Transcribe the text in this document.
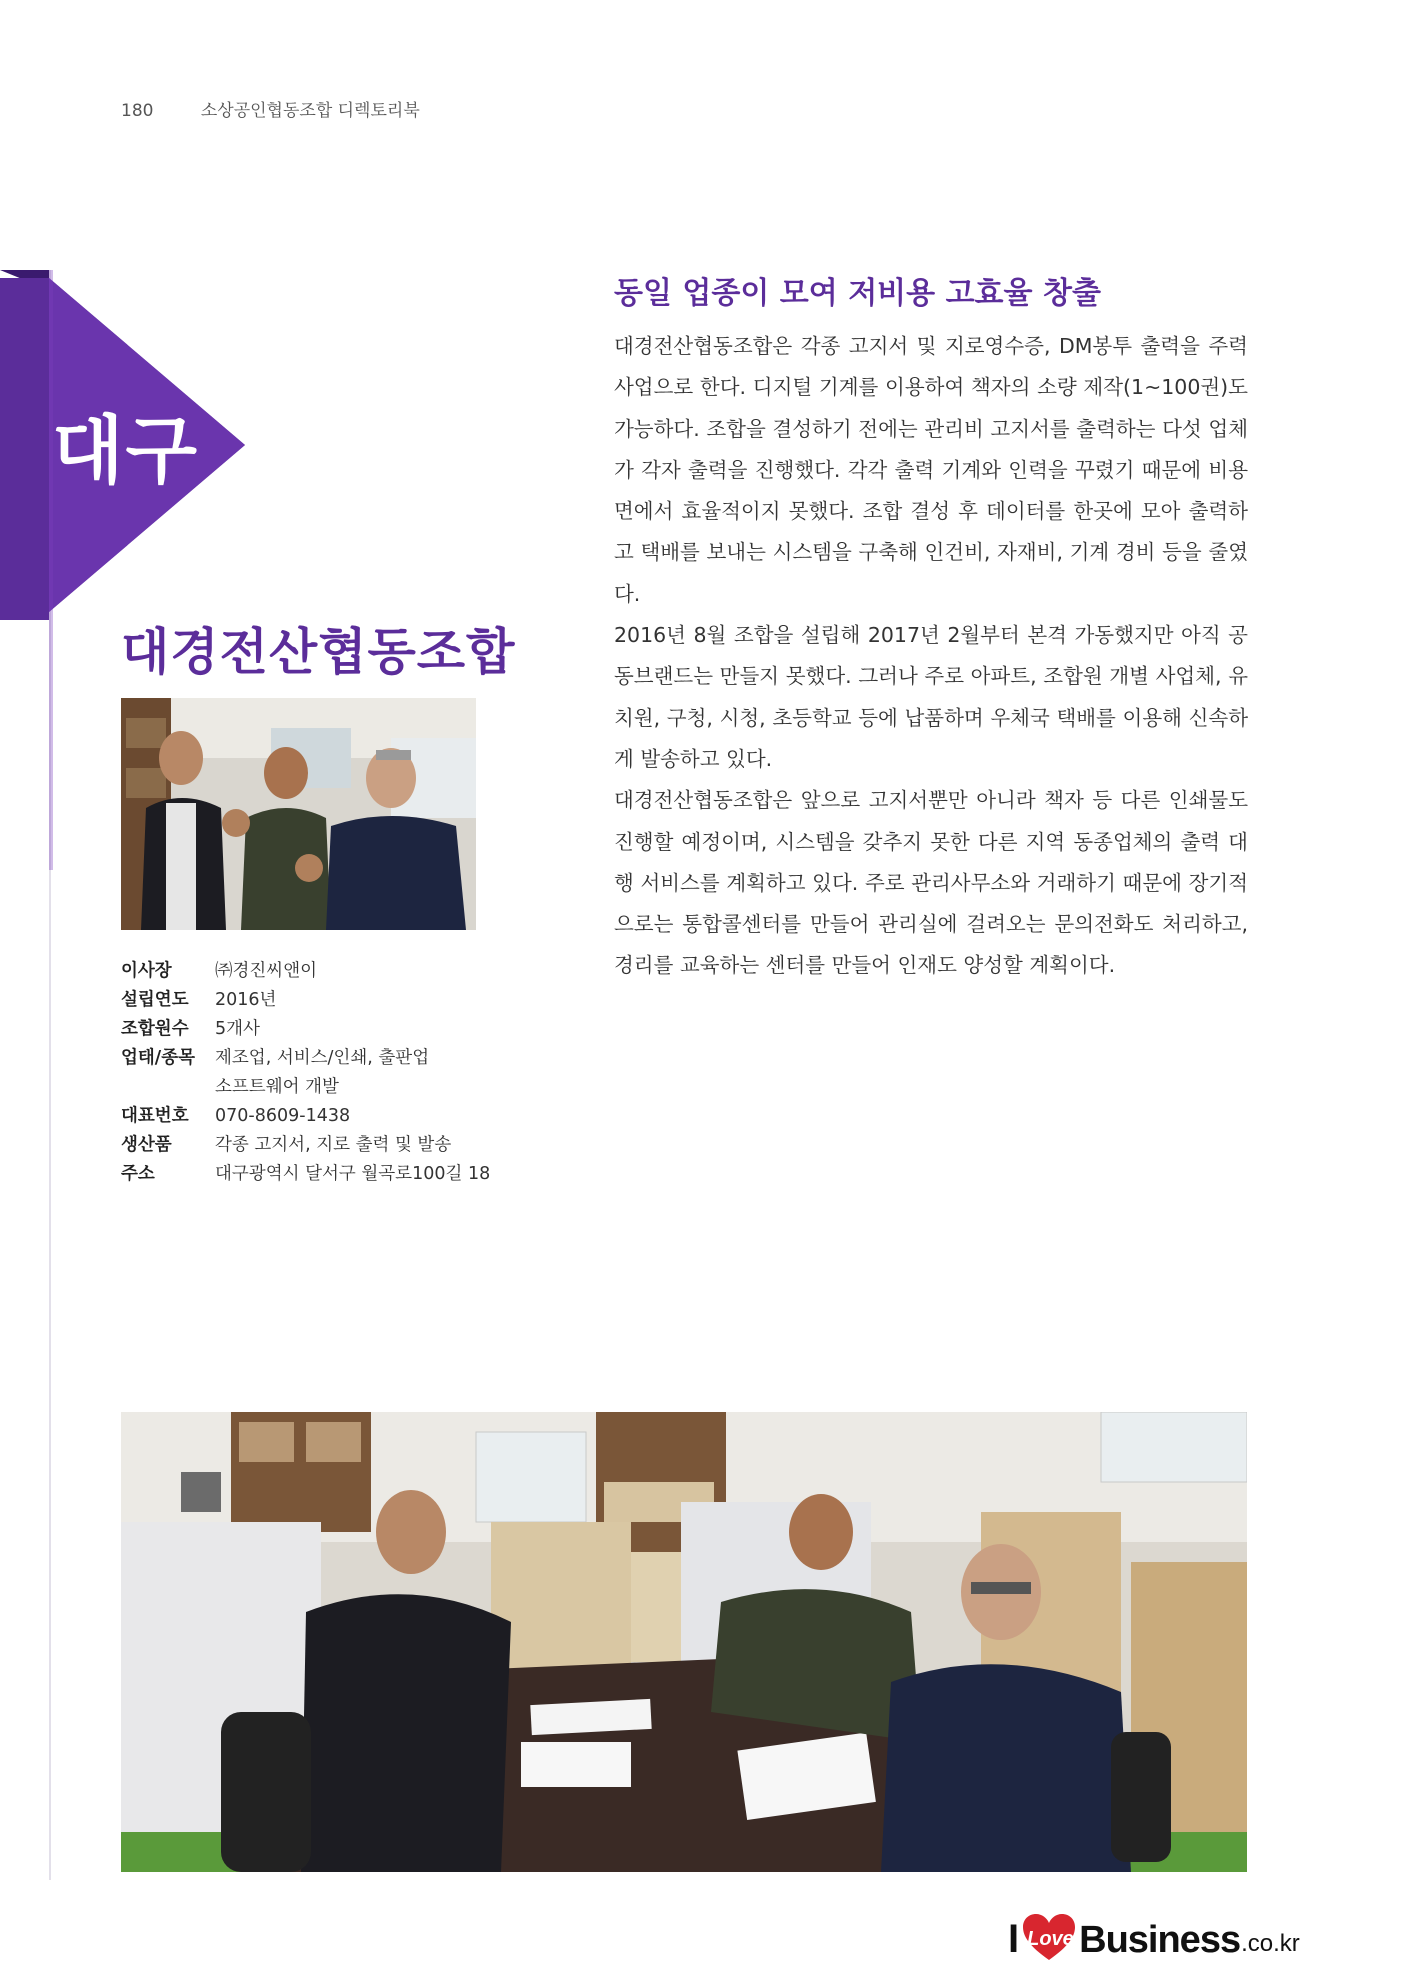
180	소상공인협동조합 디렉토리북
대구
대경전산협동조합
이사장	㈜경진씨앤이
설립연도	2016년
조합원수	5개사
업태/종목	제조업, 서비스/인쇄, 출판업
소프트웨어 개발
대표번호	070-8609-1438
생산품	각종 고지서, 지로 출력 및 발송
주소	대구광역시 달서구 월곡로100길 18
동일 업종이 모여 저비용 고효율 창출

대경전산협동조합은 각종 고지서 및 지로영수증, DM봉투 출력을 주력 사업으로 한다. 디지털 기계를 이용하여 책자의 소량 제작(1~100권)도 가능하다. 조합을 결성하기 전에는 관리비 고지서를 출력하는 다섯 업체가 각자 출력을 진행했다. 각각 출력 기계와 인력을 꾸렸기 때문에 비용 면에서 효율적이지 못했다. 조합 결성 후 데이터를 한곳에 모아 출력하고 택배를 보내는 시스템을 구축해 인건비, 자재비, 기계 경비 등을 줄였다.

2016년 8월 조합을 설립해 2017년 2월부터 본격 가동했지만 아직 공동브랜드는 만들지 못했다. 그러나 주로 아파트, 조합원 개별 사업체, 유치원, 구청, 시청, 초등학교 등에 납품하며 우체국 택배를 이용해 신속하게 발송하고 있다.

대경전산협동조합은 앞으로 고지서뿐만 아니라 책자 등 다른 인쇄물도 진행할 예정이며, 시스템을 갖추지 못한 다른 지역 동종업체의 출력 대행 서비스를 계획하고 있다. 주로 관리사무소와 거래하기 때문에 장기적으로는 통합콜센터를 만들어 관리실에 걸려오는 문의전화도 처리하고, 경리를 교육하는 센터를 만들어 인재도 양성할 계획이다.

I Love Business .co.kr
